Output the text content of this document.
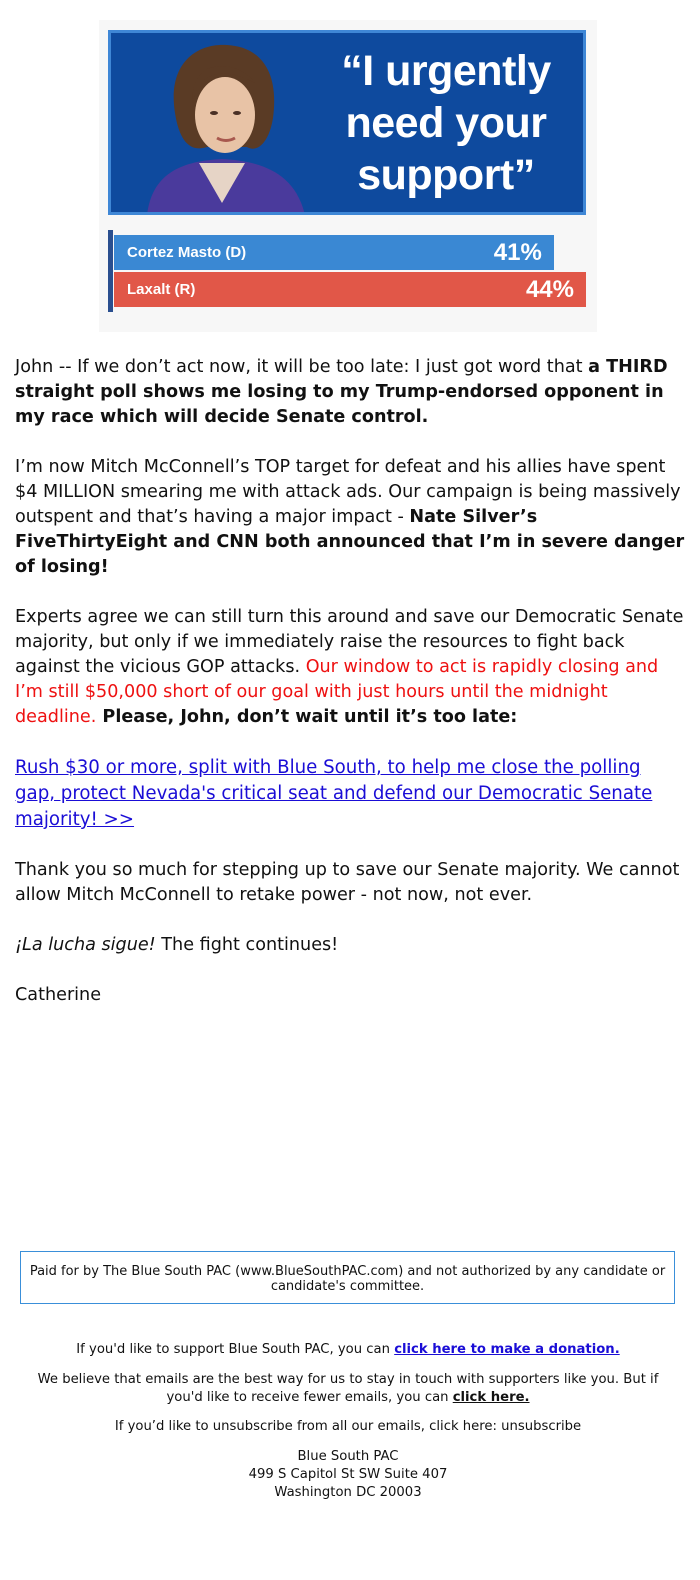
“I urgently
need your
support”
Cortez Masto (D)	41%
Laxalt (R)	44%

John -- If we don’t act now, it will be too late: I just got word that a THIRD straight poll shows me losing to my Trump-endorsed opponent in my race which will decide Senate control.

I’m now Mitch McConnell’s TOP target for defeat and his allies have spent $4 MILLION smearing me with attack ads. Our campaign is being massively outspent and that’s having a major impact - Nate Silver’s FiveThirtyEight and CNN both announced that I’m in severe danger of losing!

Experts agree we can still turn this around and save our Democratic Senate majority, but only if we immediately raise the resources to fight back against the vicious GOP attacks. Our window to act is rapidly closing and I’m still $50,000 short of our goal with just hours until the midnight deadline. Please, John, don’t wait until it’s too late:

Rush $30 or more, split with Blue South, to help me close the polling gap, protect Nevada's critical seat and defend our Democratic Senate majority! >>

Thank you so much for stepping up to save our Senate majority. We cannot allow Mitch McConnell to retake power - not now, not ever.

¡La lucha sigue! The fight continues!

Catherine

Paid for by The Blue South PAC (www.BlueSouthPAC.com) and not authorized by any candidate or candidate's committee.
If you'd like to support Blue South PAC, you can click here to make a donation.
We believe that emails are the best way for us to stay in touch with supporters like you. But if you'd like to receive fewer emails, you can click here.
If you’d like to unsubscribe from all our emails, click here: unsubscribe
Blue South PAC
499 S Capitol St SW Suite 407
Washington DC 20003
